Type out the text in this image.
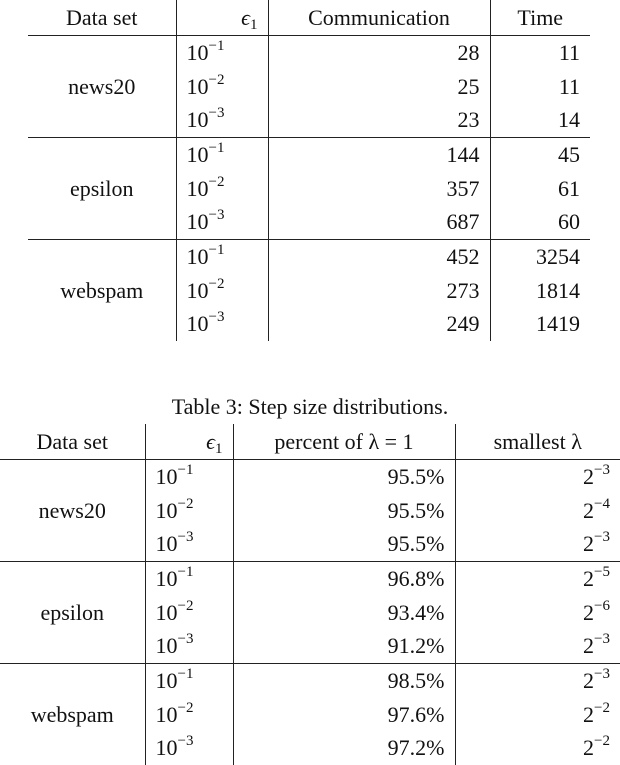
Data set	$\epsilon_1$	Communication	Time
news20	$10^{-1}$	28	11
	$10^{-2}$	25	11
	$10^{-3}$	23	14
epsilon	$10^{-1}$	144	45
	$10^{-2}$	357	61
	$10^{-3}$	687	60
webspam	$10^{-1}$	452	3254
	$10^{-2}$	273	1814
	$10^{-3}$	249	1419
Table 3: Step size distributions.
Data set	$\epsilon_1$	percent of λ = 1	smallest λ
news20	$10^{-1}$	95.5%	$2^{-3}$
	$10^{-2}$	95.5%	$2^{-4}$
	$10^{-3}$	95.5%	$2^{-3}$
epsilon	$10^{-1}$	96.8%	$2^{-5}$
	$10^{-2}$	93.4%	$2^{-6}$
	$10^{-3}$	91.2%	$2^{-3}$
webspam	$10^{-1}$	98.5%	$2^{-3}$
	$10^{-2}$	97.6%	$2^{-2}$
	$10^{-3}$	97.2%	$2^{-2}$
